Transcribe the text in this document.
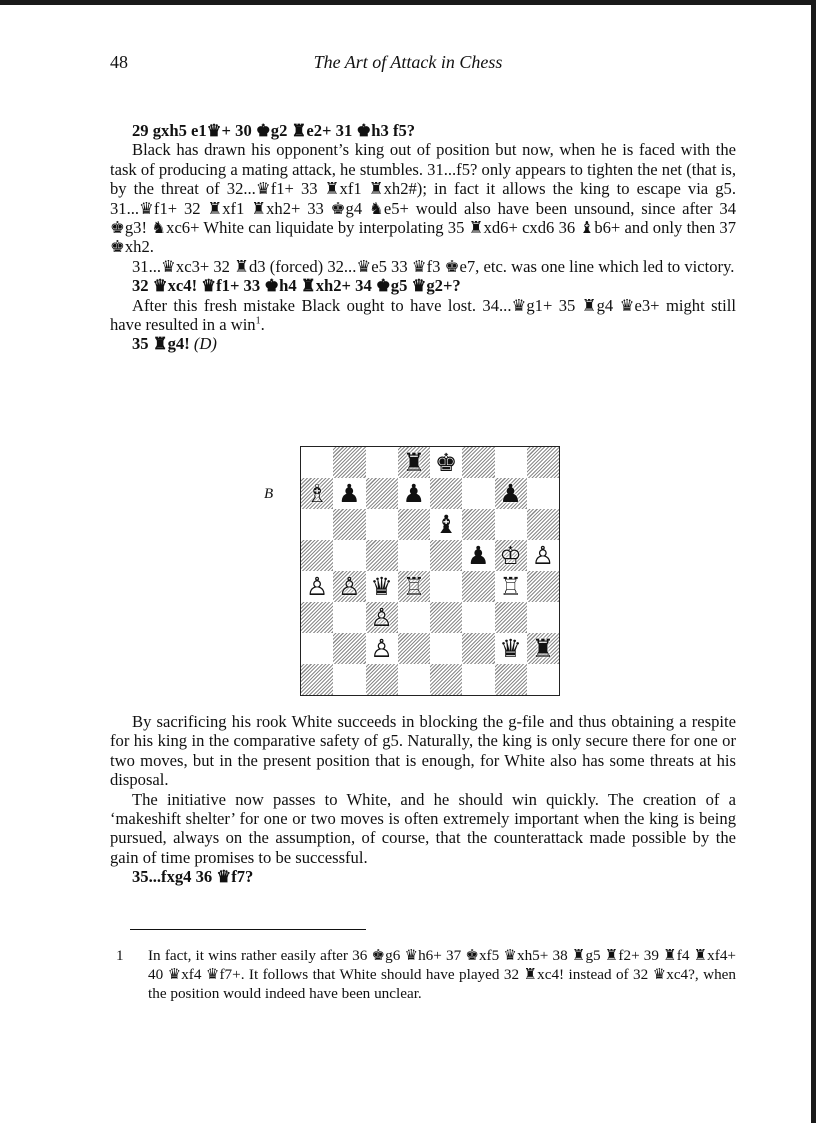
48	The Art of Attack in Chess

29 gxh5 e1♛+ 30 ♚g2 ♜e2+ 31 ♚h3 f5?

Black has drawn his opponent’s king out of position but now, when he is faced with the task of producing a mating attack, he stumbles. 31...f5? only appears to tighten the net (that is, by the threat of 32...♛f1+ 33 ♜xf1 ♜xh2#); in fact it allows the king to escape via g5. 31...♛f1+ 32 ♜xf1 ♜xh2+ 33 ♚g4 ♞e5+ would also have been unsound, since after 34 ♚g3! ♞xc6+ White can liquidate by interpolating 35 ♜xd6+ cxd6 36 ♝b6+ and only then 37 ♚xh2.

31...♛xc3+ 32 ♜d3 (forced) 32...♛e5 33 ♛f3 ♚e7, etc. was one line which led to victory.

32 ♛xc4! ♛f1+ 33 ♚h4 ♜xh2+ 34 ♚g5 ♛g2+?

After this fresh mistake Black ought to have lost. 34...♛g1+ 35 ♜g4 ♛e3+ might still have resulted in a win$^1$.

35 ♜g4! (D)

B
♜ ♚
♗ ♟ ♟	♟
♝
♟ ♔ ♙
♙ ♙ ♛ ♖	♖
♙
♙	♛ ♜

By sacrificing his rook White succeeds in blocking the g-file and thus obtaining a respite for his king in the comparative safety of g5. Naturally, the king is only secure there for one or two moves, but in the present position that is enough, for White also has some threats at his disposal.

The initiative now passes to White, and he should win quickly. The creation of a ‘makeshift shelter’ for one or two moves is often extremely important when the king is being pursued, always on the assumption, of course, that the counterattack made possible by the gain of time promises to be successful.

35...fxg4 36 ♛f7?

1 In fact, it wins rather easily after 36 ♚g6 ♛h6+ 37 ♚xf5 ♛xh5+ 38 ♜g5 ♜f2+ 39 ♜f4 ♜xf4+ 40 ♛xf4 ♛f7+. It follows that White should have played 32 ♜xc4! instead of 32 ♛xc4?, when the position would indeed have been unclear.
